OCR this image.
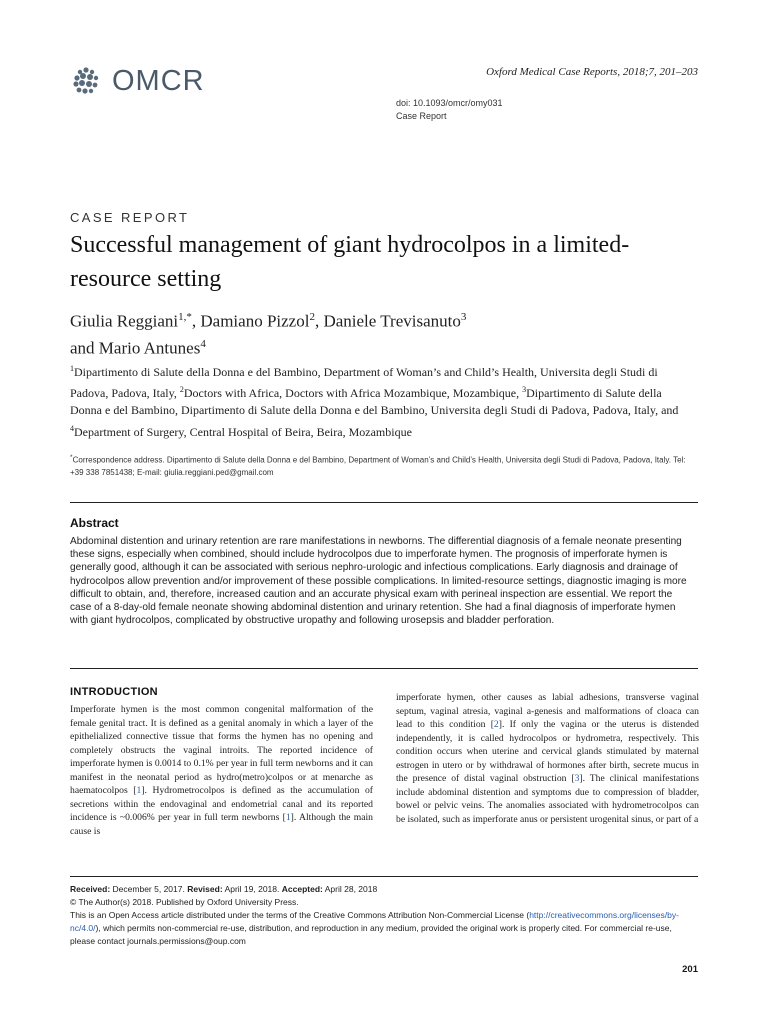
OMCR	Oxford Medical Case Reports, 2018;7, 201–203
doi: 10.1093/omcr/omy031
Case Report
CASE REPORT
Successful management of giant hydrocolpos in a limited-resource setting
Giulia Reggiani$^{1,*}$, Damiano Pizzol$^2$, Daniele Trevisanuto$^3$
and Mario Antunes$^4$
$^1$Dipartimento di Salute della Donna e del Bambino, Department of Woman’s and Child’s Health, Universita degli Studi di Padova, Padova, Italy, $^2$Doctors with Africa, Doctors with Africa Mozambique, Mozambique, $^3$Dipartimento di Salute della Donna e del Bambino, Dipartimento di Salute della Donna e del Bambino, Universita degli Studi di Padova, Padova, Italy, and $^4$Department of Surgery, Central Hospital of Beira, Beira, Mozambique
*Correspondence address. Dipartimento di Salute della Donna e del Bambino, Department of Woman’s and Child’s Health, Universita degli Studi di Padova, Padova, Italy. Tel: +39 338 7851438; E-mail: giulia.reggiani.ped@gmail.com
Abstract
Abdominal distention and urinary retention are rare manifestations in newborns. The differential diagnosis of a female neonate presenting these signs, especially when combined, should include hydrocolpos due to imperforate hymen. The prognosis of imperforate hymen is generally good, although it can be associated with serious nephro-urologic and infectious complications. Early diagnosis and drainage of hydrocolpos allow prevention and/or improvement of these possible complications. In limited-resource settings, diagnostic imaging is more difficult to obtain, and, therefore, increased caution and an accurate physical exam with perineal inspection are essential. We report the case of a 8-day-old female neonate showing abdominal distention and urinary retention. She had a final diagnosis of imperforate hymen with giant hydrocolpos, complicated by obstructive uropathy and following urosepsis and bladder perforation.
INTRODUCTION
Imperforate hymen is the most common congenital malformation of the female genital tract. It is defined as a genital anomaly in which a layer of the epithelialized connective tissue that forms the hymen has no opening and completely obstructs the vaginal introits. The reported incidence of imperforate hymen is 0.0014 to 0.1% per year in full term newborns and it can manifest in the neonatal period as hydro(metro)colpos or at menarche as haematocolpos [1]. Hydrometrocolpos is defined as the accumulation of secretions within the endovaginal and endometrial canal and its reported incidence is ~0.006% per year in full term newborns [1]. Although the main cause is
imperforate hymen, other causes as labial adhesions, transverse vaginal septum, vaginal atresia, vaginal a-genesis and malformations of cloaca can lead to this condition [2]. If only the vagina or the uterus is distended independently, it is called hydrocolpos or hydrometra, respectively. This condition occurs when uterine and cervical glands stimulated by maternal estrogen in utero or by withdrawal of hormones after birth, secrete mucus in the presence of distal vaginal obstruction [3]. The clinical manifestations include abdominal distention and symptoms due to compression of bladder, bowel or pelvic veins. The anomalies associated with hydrometrocolpos can be isolated, such as imperforate anus or persistent urogenital sinus, or part of a
Received: December 5, 2017. Revised: April 19, 2018. Accepted: April 28, 2018
© The Author(s) 2018. Published by Oxford University Press.
This is an Open Access article distributed under the terms of the Creative Commons Attribution Non-Commercial License (http://creativecommons.org/licenses/by-nc/4.0/), which permits non-commercial re-use, distribution, and reproduction in any medium, provided the original work is properly cited. For commercial re-use, please contact journals.permissions@oup.com
201
